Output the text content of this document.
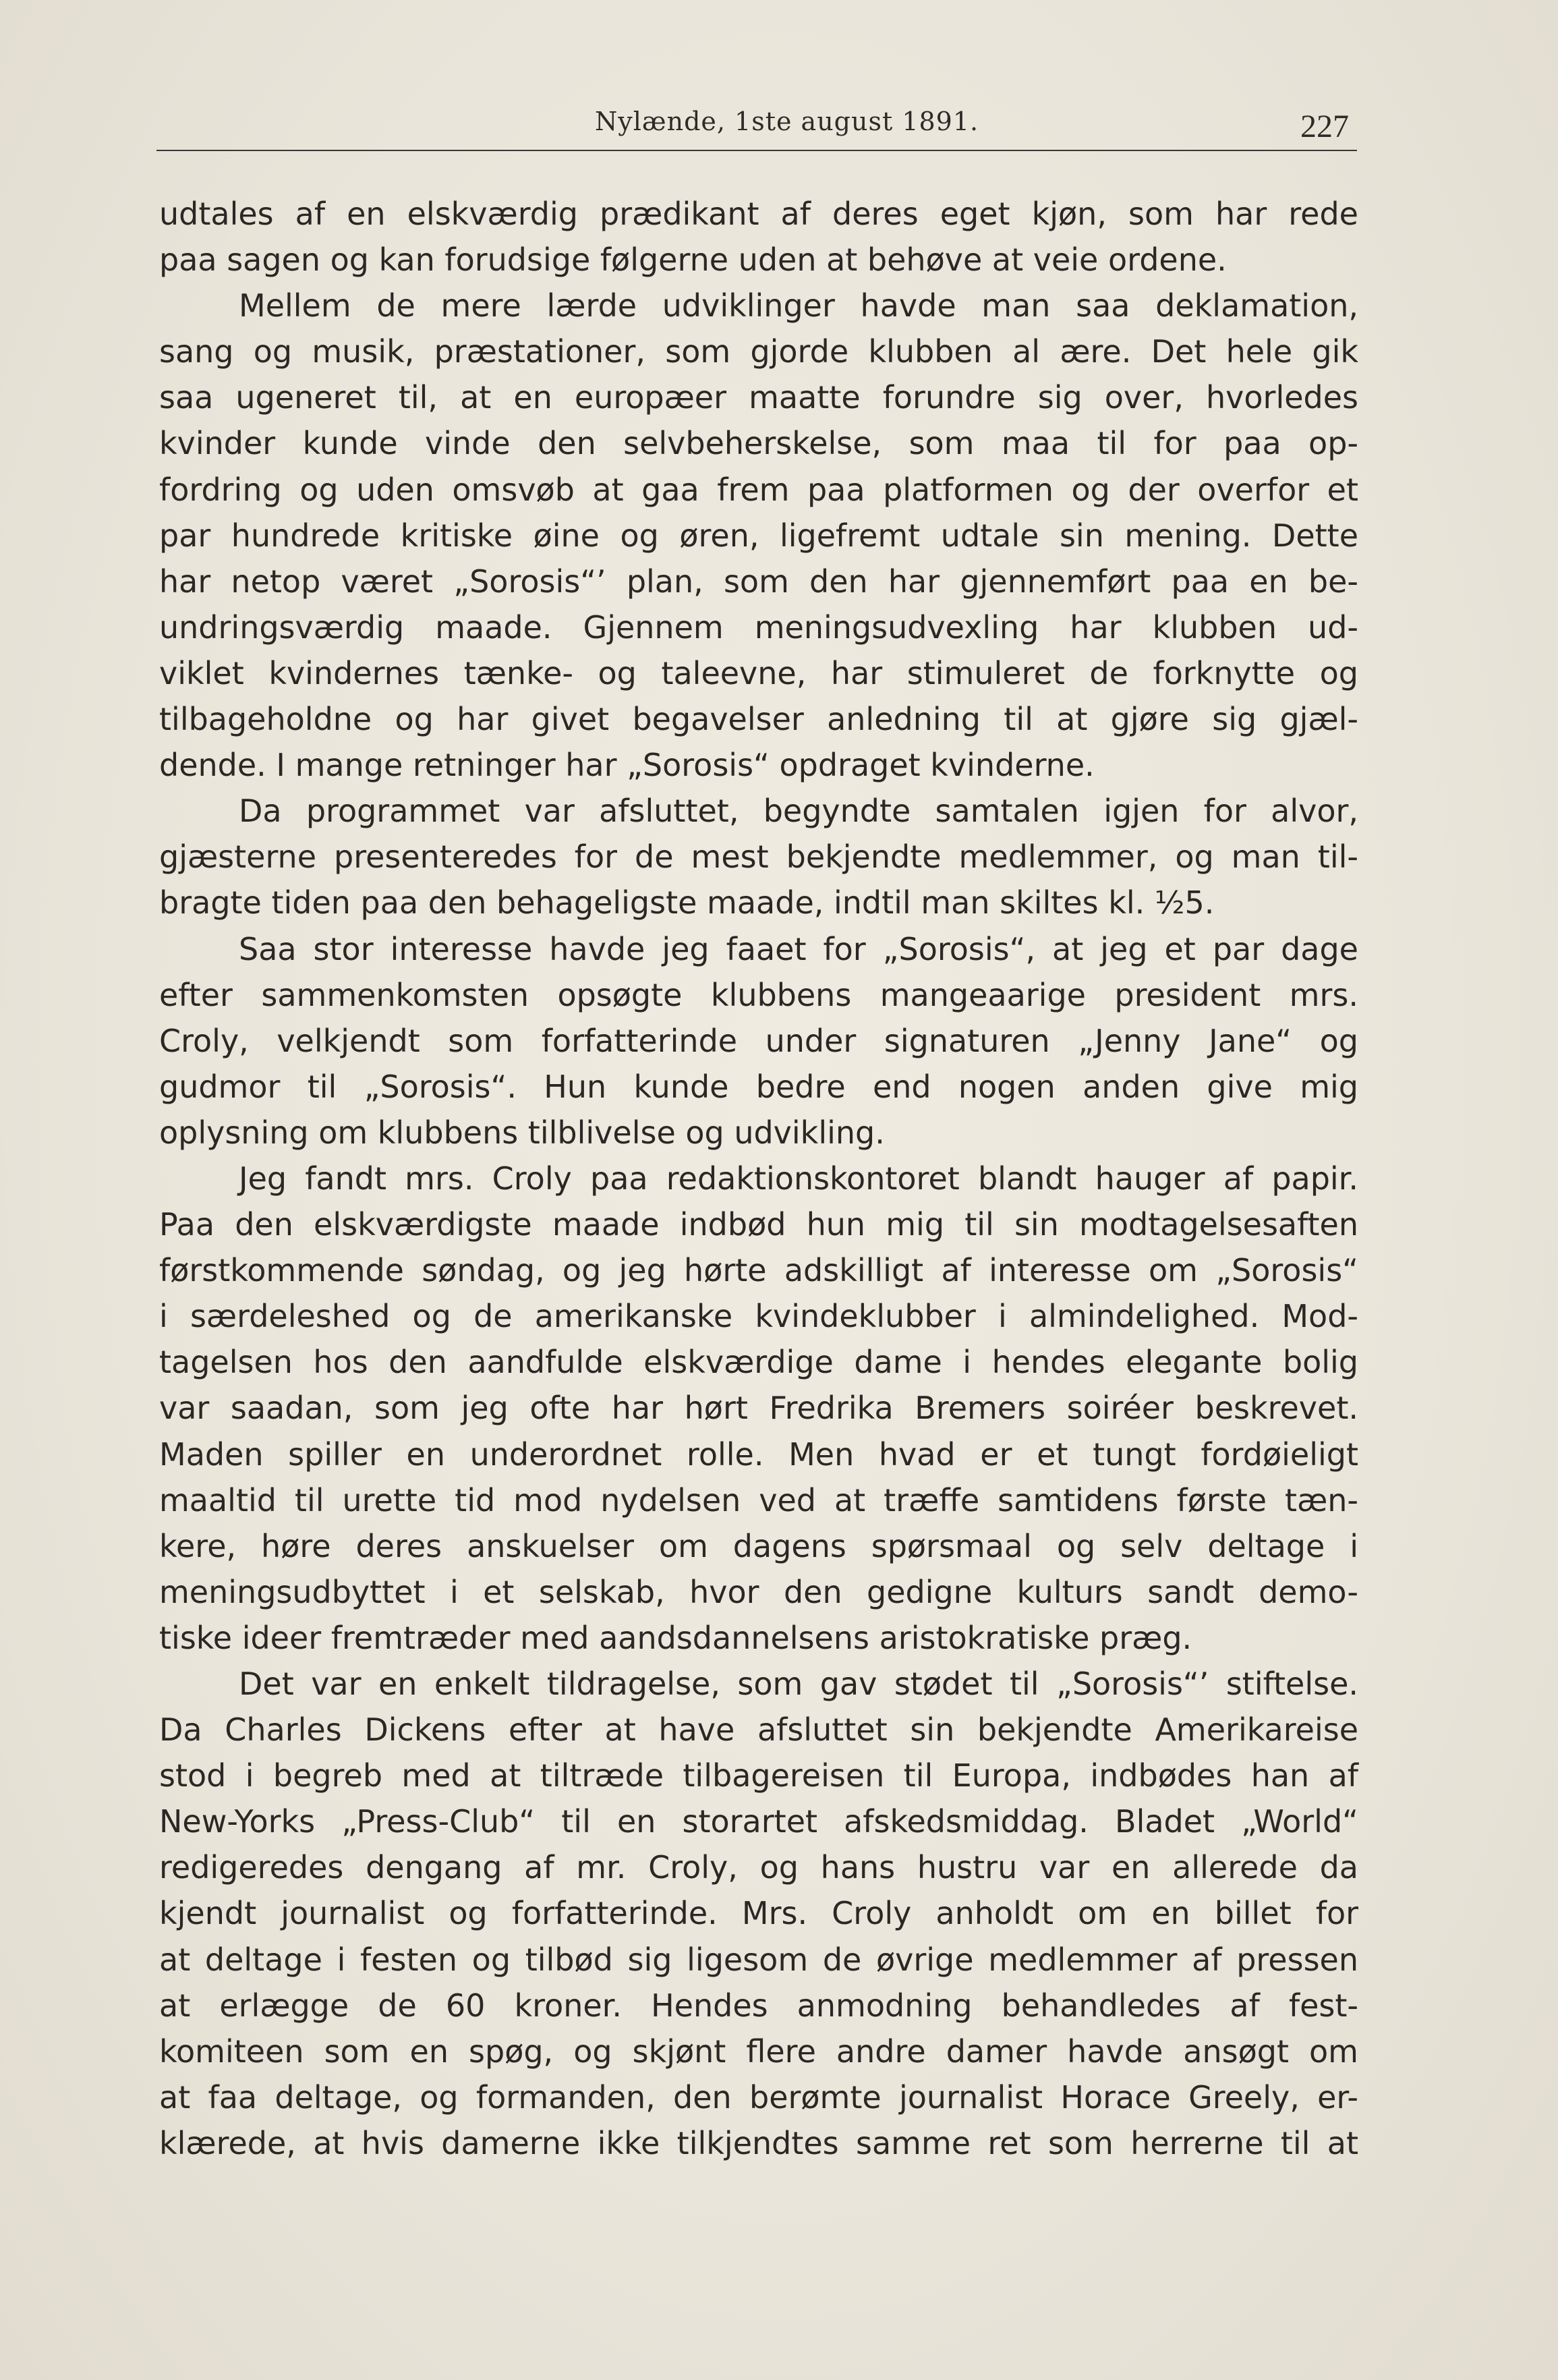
Nylænde, 1ste august 1891.	227
udtales af en elskværdig prædikant af deres eget kjøn, som har rede
paa sagen og kan forudsige følgerne uden at behøve at veie ordene.
Mellem de mere lærde udviklinger havde man saa deklamation,
sang og musik, præstationer, som gjorde klubben al ære. Det hele gik
saa ugeneret til, at en europæer maatte forundre sig over, hvorledes
kvinder kunde vinde den selvbeherskelse, som maa til for paa op-
fordring og uden omsvøb at gaa frem paa platformen og der overfor et
par hundrede kritiske øine og øren, ligefremt udtale sin mening. Dette
har netop været „Sorosis“’ plan, som den har gjennemført paa en be-
undringsværdig maade. Gjennem meningsudvexling har klubben ud-
viklet kvindernes tænke- og taleevne, har stimuleret de forknytte og
tilbageholdne og har givet begavelser anledning til at gjøre sig gjæl-
dende. I mange retninger har „Sorosis“ opdraget kvinderne.
Da programmet var afsluttet, begyndte samtalen igjen for alvor,
gjæsterne presenteredes for de mest bekjendte medlemmer, og man til-
bragte tiden paa den behageligste maade, indtil man skiltes kl. ½5.
Saa stor interesse havde jeg faaet for „Sorosis“, at jeg et par dage
efter sammenkomsten opsøgte klubbens mangeaarige president mrs.
Croly, velkjendt som forfatterinde under signaturen „Jenny Jane“ og
gudmor til „Sorosis“. Hun kunde bedre end nogen anden give mig
oplysning om klubbens tilblivelse og udvikling.
Jeg fandt mrs. Croly paa redaktionskontoret blandt hauger af papir.
Paa den elskværdigste maade indbød hun mig til sin modtagelsesaften
førstkommende søndag, og jeg hørte adskilligt af interesse om „Sorosis“
i særdeleshed og de amerikanske kvindeklubber i almindelighed. Mod-
tagelsen hos den aandfulde elskværdige dame i hendes elegante bolig
var saadan, som jeg ofte har hørt Fredrika Bremers soiréer beskrevet.
Maden spiller en underordnet rolle. Men hvad er et tungt fordøieligt
maaltid til urette tid mod nydelsen ved at træffe samtidens første tæn-
kere, høre deres anskuelser om dagens spørsmaal og selv deltage i
meningsudbyttet i et selskab, hvor den gedigne kulturs sandt demo-
tiske ideer fremtræder med aandsdannelsens aristokratiske præg.
Det var en enkelt tildragelse, som gav stødet til „Sorosis“’ stiftelse.
Da Charles Dickens efter at have afsluttet sin bekjendte Amerikareise
stod i begreb med at tiltræde tilbagereisen til Europa, indbødes han af
New-Yorks „Press-Club“ til en storartet afskedsmiddag. Bladet „World“
redigeredes dengang af mr. Croly, og hans hustru var en allerede da
kjendt journalist og forfatterinde. Mrs. Croly anholdt om en billet for
at deltage i festen og tilbød sig ligesom de øvrige medlemmer af pressen
at erlægge de 60 kroner. Hendes anmodning behandledes af fest-
komiteen som en spøg, og skjønt flere andre damer havde ansøgt om
at faa deltage, og formanden, den berømte journalist Horace Greely, er-
klærede, at hvis damerne ikke tilkjendtes samme ret som herrerne til at
